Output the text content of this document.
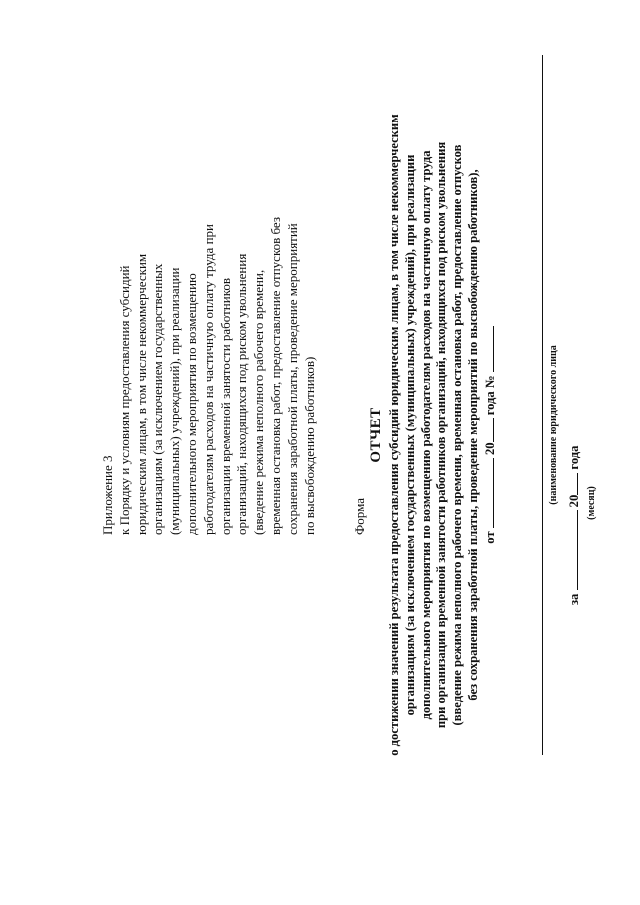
Приложение 3 к Порядку и условиям предоставления субсидий юридическим лицам, в том числе некоммерческим организациям (за исключением государственных (муниципальных) учреждений), при реализации дополнительного мероприятия по возмещению работодателям расходов на частичную оплату труда при организации временной занятости работников организаций, находящихся под риском увольнения (введение режима неполного рабочего времени, временная остановка работ, предоставление отпусков без сохранения заработной платы, проведение мероприятий по высвобождению работников)	Форма
ОТЧЕТ о достижении значений результата предоставления субсидий юридическим лицам, в том числе некоммерческим организациям (за исключением государственных (муниципальных) учреждений), при реализации дополнительного мероприятия по возмещению работодателям расходов на частичную оплату труда при организации временной занятости работников организаций, находящихся под риском увольнения (введение режима неполного рабочего времени, временная остановка работ, предоставление отпусков без сохранения заработной платы, проведение мероприятий по высвобождению работников), от  20 года №	(наименование юридического лица
за  20 года
(месяц)
